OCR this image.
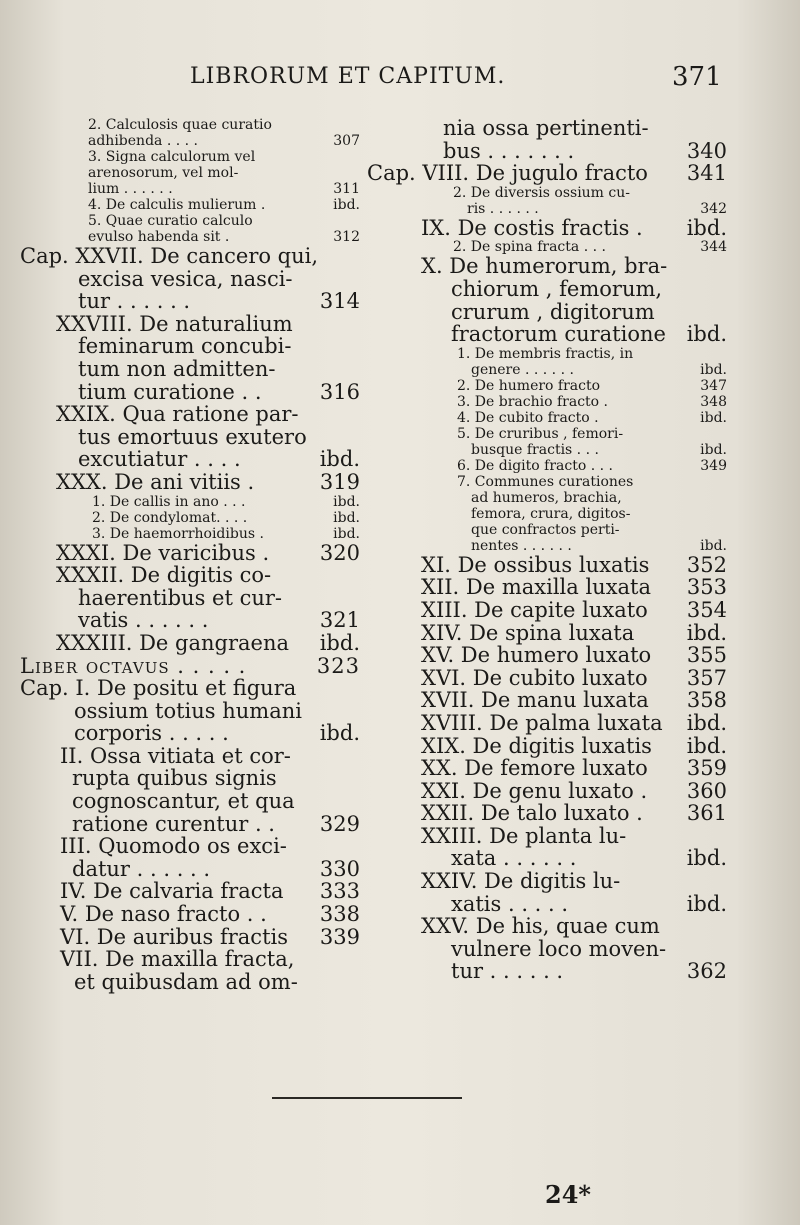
LIBRORUM ET CAPITUM.	371
2. Calculosis quae curatio
adhibenda . . . .	307
3. Signa calculorum vel
arenosorum, vel mol-
lium . . . . . .	311
4. De calculis mulierum .	ibd.
5. Quae curatio calculo
evulso habenda sit .	312
Cap. XXVII. De cancero qui,
excisa vesica, nasci-
tur . . . . . .	314
XXVIII. De naturalium
feminarum concubi-
tum non admitten-
tium curatione . .	316
XXIX. Qua ratione par-
tus emortuus exutero
excutiatur . . . .	ibd.
XXX. De ani vitiis .	319
1. De callis in ano . . .	ibd.
2. De condylomat. . . .	ibd.
3. De haemorrhoidibus .	ibd.
XXXI. De varicibus .	320
XXXII. De digitis co-
haerentibus et cur-
vatis . . . . . .	321
XXXIII. De gangraena	ibd.
Liber octavus . . . . .	323
Cap. I. De positu et figura
ossium totius humani
corporis . . . . .	ibd.
II. Ossa vitiata et cor-
rupta quibus signis
cognoscantur, et qua
ratione curentur . .	329
III. Quomodo os exci-
datur . . . . . .	330
IV. De calvaria fracta	333
V. De naso fracto . .	338
VI. De auribus fractis	339
VII. De maxilla fracta,
et quibusdam ad om-
nia ossa pertinenti-
bus . . . . . . .	340
Cap. VIII. De jugulo fracto	341
2. De diversis ossium cu-
ris . . . . . .	342
IX. De costis fractis .	ibd.
2. De spina fracta . . .	344
X. De humerorum, bra-
chiorum , femorum,
crurum , digitorum
fractorum curatione ibd.
1. De membris fractis, in
genere . . . . . .	ibd.
2. De humero fracto	347
3. De brachio fracto .	348
4. De cubito fracto .	ibd.
5. De cruribus , femori-
busque fractis . . .	ibd.
6. De digito fracto . . .	349
7. Communes curationes
ad humeros, brachia,
femora, crura, digitos-
que confractos perti-
nentes . . . . . .	ibd.
XI. De ossibus luxatis	352
XII. De maxilla luxata	353
XIII. De capite luxato	354
XIV. De spina luxata	ibd.
XV. De humero luxato	355
XVI. De cubito luxato	357
XVII. De manu luxata	358
XVIII. De palma luxata	ibd.
XIX. De digitis luxatis	ibd.
XX. De femore luxato	359
XXI. De genu luxato .	360
XXII. De talo luxato .	361
XXIII. De planta lu-
xata . . . . . .	ibd.
XXIV. De digitis lu-
xatis . . . . .	ibd.
XXV. De his, quae cum
vulnere loco moven-
tur . . . . . .	362
24*
